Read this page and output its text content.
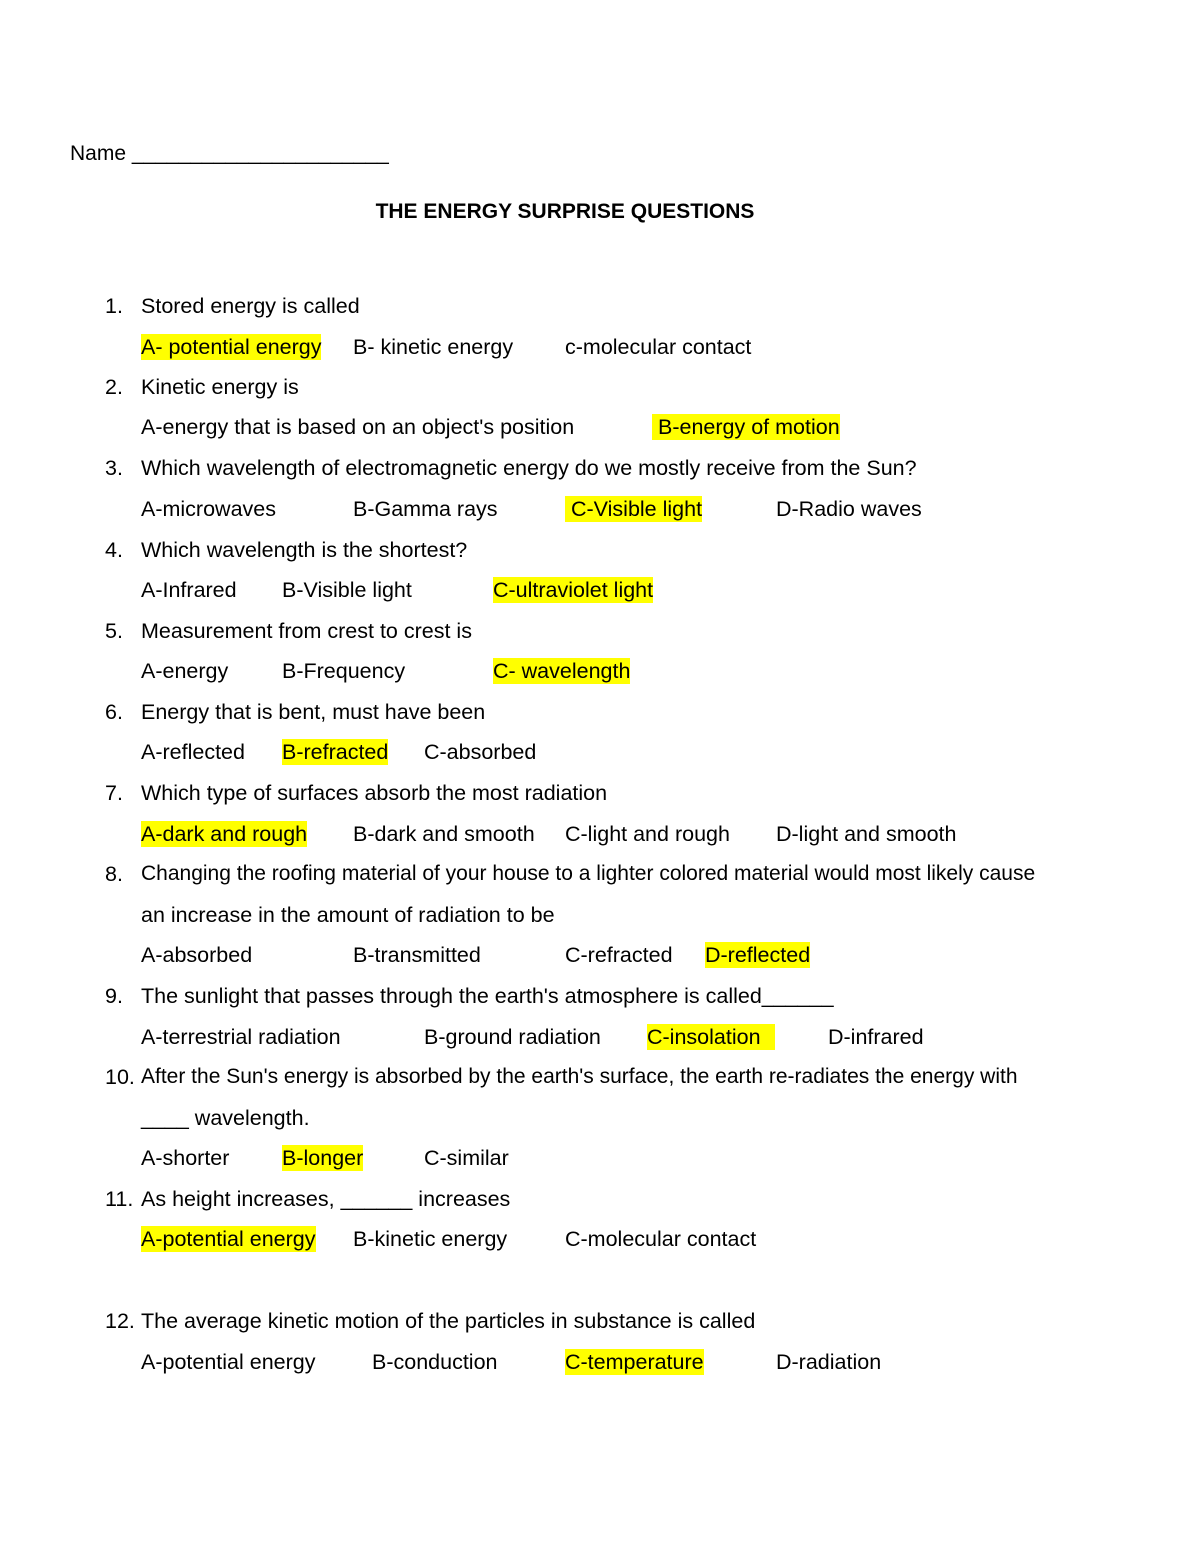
Name ______________________
THE ENERGY SURPRISE QUESTIONS
1. Stored energy is called
A- potential energy B- kinetic energy c-molecular contact
2. Kinetic energy is
A-energy that is based on an object's position	B-energy of motion
3. Which wavelength of electromagnetic energy do we mostly receive from the Sun?
A-microwaves	B-Gamma rays	C-Visible light	D-Radio waves
4. Which wavelength is the shortest?
A-Infrared B-Visible light	C-ultraviolet light
5. Measurement from crest to crest is
A-energy	B-Frequency	C- wavelength
6. Energy that is bent, must have been
A-reflected B-refracted C-absorbed
7. Which type of surfaces absorb the most radiation
A-dark and rough B-dark and smooth C-light and rough D-light and smooth
8. Changing the roofing material of your house to a lighter colored material would most likely cause
an increase in the amount of radiation to be
A-absorbed	B-transmitted	C-refracted D-reflected
9. The sunlight that passes through the earth's atmosphere is called______
A-terrestrial radiation	B-ground radiation C-insolation	D-infrared
10. After the Sun's energy is absorbed by the earth's surface, the earth re-radiates the energy with
____ wavelength.
A-shorter B-longer	C-similar
11. As height increases, ______ increases
A-potential energy B-kinetic energy	C-molecular contact
12. The average kinetic motion of the particles in substance is called
A-potential energy	B-conduction	C-temperature	D-radiation
